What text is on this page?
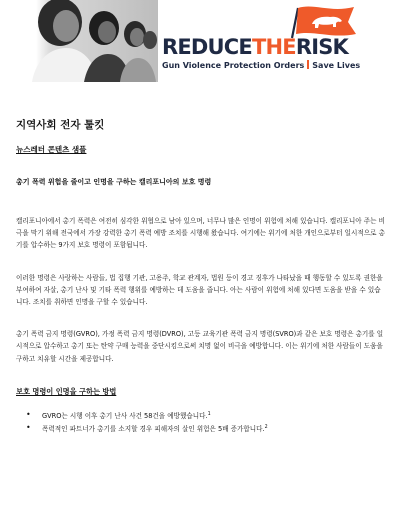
REDUCETHERISK
Gun Violence Protection Orders Save Lives
지역사회 전자 툴킷
뉴스레터 콘텐츠 샘플
총기 폭력 위험을 줄이고 인명을 구하는 캘리포니아의 보호 명령

캘리포니아에서 총기 폭력은 여전히 심각한 위협으로 남아 있으며, 너무나 많은 인명이 위험에 처해 있습니다. 캘리포니아 주는 비극을 막기 위해 전국에서 가장 강력한 총기 폭력 예방 조치를 시행해 왔습니다. 여기에는 위기에 처한 개인으로부터 일시적으로 총기를 압수하는 9가지 보호 명령이 포함됩니다.

이러한 명령은 사랑하는 사람들, 법 집행 기관, 고용주, 학교 관계자, 법원 등이 경고 징후가 나타났을 때 행동할 수 있도록 권한을 부여하여 자살, 총기 난사 및 기타 폭력 행위를 예방하는 데 도움을 줍니다. 아는 사람이 위험에 처해 있다면 도움을 받을 수 있습니다. 조치를 취하면 인명을 구할 수 있습니다.

총기 폭력 금지 명령(GVRO), 가정 폭력 금지 명령(DVRO), 고등 교육기관 폭력 금지 명령(SVRO)과 같은 보호 명령은 총기를 일시적으로 압수하고 총기 또는 탄약 구매 능력을 중단시킴으로써 치명 없이 비극을 예방합니다. 이는 위기에 처한 사람들이 도움을 구하고 치유할 시간을 제공합니다.

보호 명령이 인명을 구하는 방법
•	GVRO는 시행 이후 총기 난사 사건 58건을 예방했습니다.$^1$
•	폭력적인 파트너가 총기를 소지할 경우 피해자의 살인 위험은 5배 증가합니다.$^2$
